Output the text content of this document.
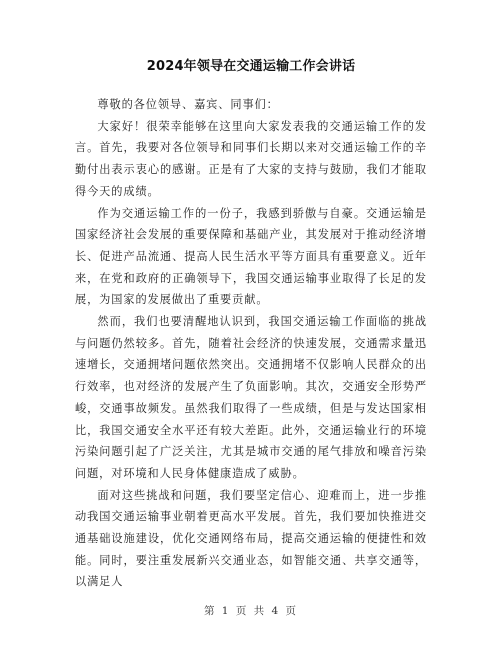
2024年领导在交通运输工作会讲话

尊敬的各位领导、嘉宾、同事们：

大家好！很荣幸能够在这里向大家发表我的交通运输工作的发言。首先，我要对各位领导和同事们长期以来对交通运输工作的辛勤付出表示衷心的感谢。正是有了大家的支持与鼓励，我们才能取得今天的成绩。

作为交通运输工作的一份子，我感到骄傲与自豪。交通运输是国家经济社会发展的重要保障和基础产业，其发展对于推动经济增长、促进产品流通、提高人民生活水平等方面具有重要意义。近年来，在党和政府的正确领导下，我国交通运输事业取得了长足的发展，为国家的发展做出了重要贡献。

然而，我们也要清醒地认识到，我国交通运输工作面临的挑战与问题仍然较多。首先，随着社会经济的快速发展，交通需求量迅速增长，交通拥堵问题依然突出。交通拥堵不仅影响人民群众的出行效率，也对经济的发展产生了负面影响。其次，交通安全形势严峻，交通事故频发。虽然我们取得了一些成绩，但是与发达国家相比，我国交通安全水平还有较大差距。此外，交通运输业行的环境污染问题引起了广泛关注，尤其是城市交通的尾气排放和噪音污染问题，对环境和人民身体健康造成了威胁。

面对这些挑战和问题，我们要坚定信心、迎难而上，进一步推动我国交通运输事业朝着更高水平发展。首先，我们要加快推进交通基础设施建设，优化交通网络布局，提高交通运输的便捷性和效能。同时，要注重发展新兴交通业态，如智能交通、共享交通等，以满足人

第 1 页 共 4 页
